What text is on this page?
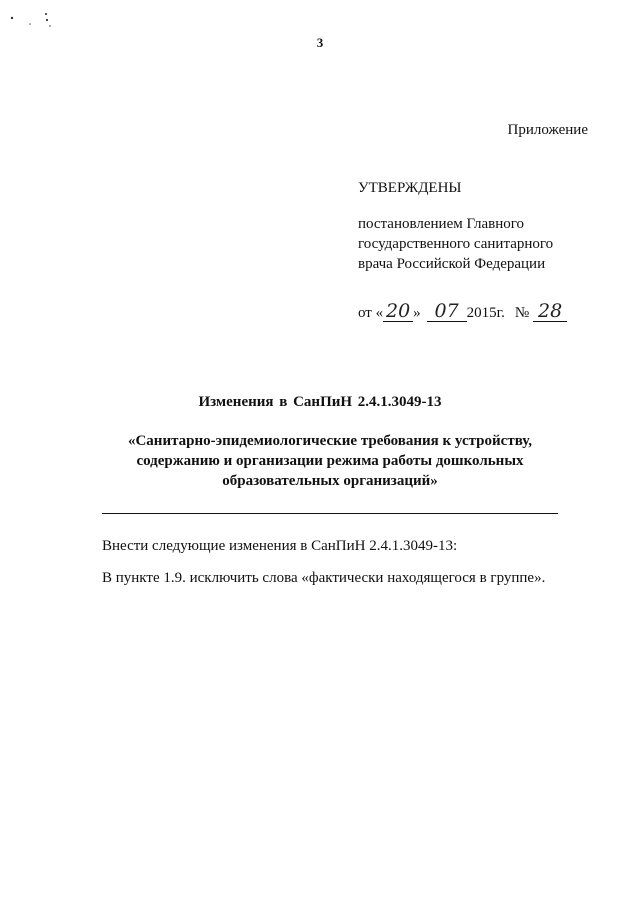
3
Приложение
УТВЕРЖДЕНЫ
постановлением Главного
государственного санитарного
врача Российской Федерации
от « 20 » 07 2015г. № 28
Изменения в СанПиН 2.4.1.3049-13
«Санитарно-эпидемиологические требования к устройству,
содержанию и организации режима работы дошкольных
образовательных организаций»
Внести следующие изменения в СанПиН 2.4.1.3049-13:
В пункте 1.9. исключить слова «фактически находящегося в группе».
